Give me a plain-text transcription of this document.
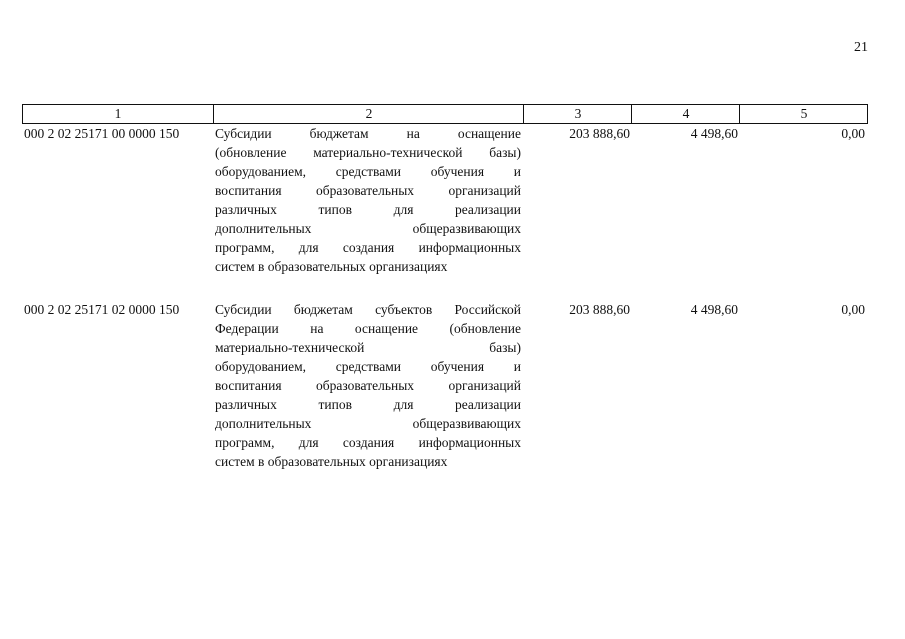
21
1	2	3	4	5
000 2 02 25171 00 0000 150	Субсидии бюджетам на оснащение
(обновление материально-технической базы)
оборудованием, средствами обучения и
воспитания образовательных организаций
различных типов для реализации
дополнительных общеразвивающих
программ, для создания информационных
систем в образовательных организациях
203 888,60	4 498,60	0,00
000 2 02 25171 02 0000 150	Субсидии бюджетам субъектов Российской
Федерации на оснащение (обновление
материально-технической базы)
оборудованием, средствами обучения и
воспитания образовательных организаций
различных типов для реализации
дополнительных общеразвивающих
программ, для создания информационных
систем в образовательных организациях
203 888,60	4 498,60	0,00
